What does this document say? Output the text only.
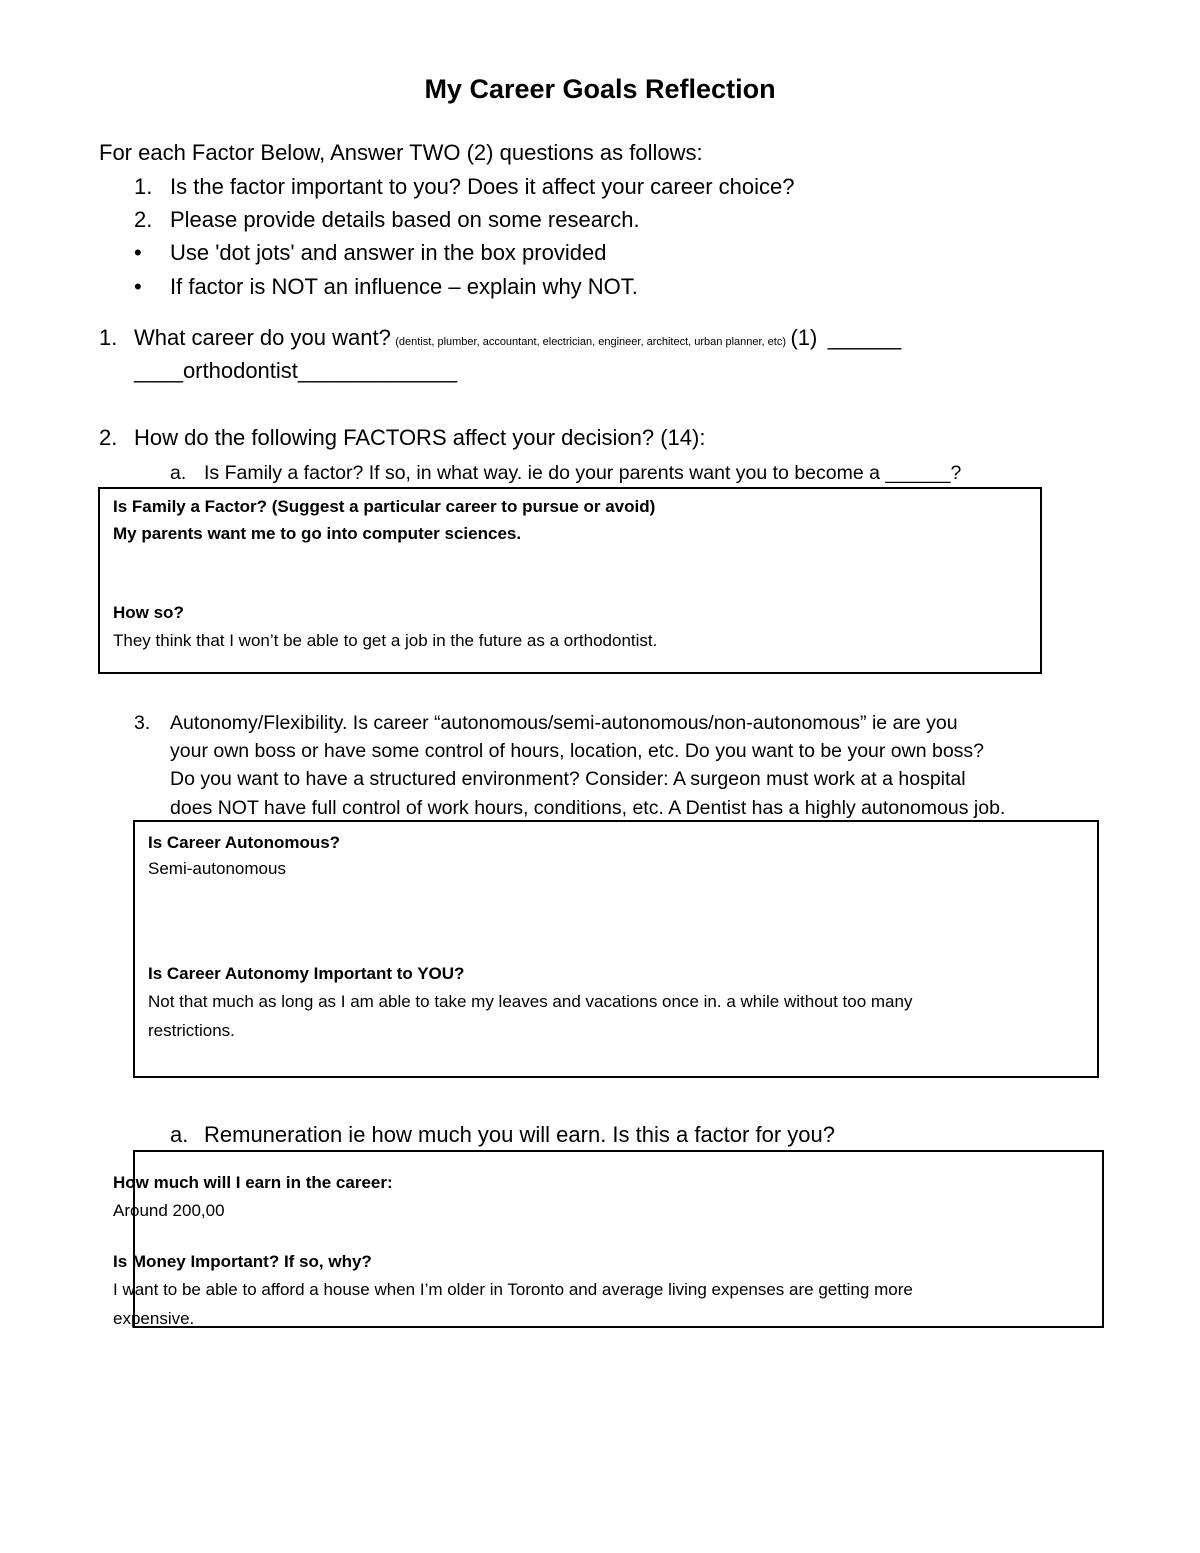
My Career Goals Reflection
For each Factor Below, Answer TWO (2) questions as follows:
1. Is the factor important to you? Does it affect your career choice?
2. Please provide details based on some research.
• Use 'dot jots' and answer in the box provided
• If factor is NOT an influence – explain why NOT.
1. What career do you want? (dentist, plumber, accountant, electrician, engineer, architect, urban planner, etc) (1) ______
____orthodontist_____________
2. How do the following FACTORS affect your decision? (14):
a. Is Family a factor? If so, in what way. ie do your parents want you to become a ______?
Is Family a Factor? (Suggest a particular career to pursue or avoid)
My parents want me to go into computer sciences.
How so?
They think that I won’t be able to get a job in the future as a orthodontist.
3. Autonomy/Flexibility. Is career “autonomous/semi-autonomous/non-autonomous” ie are you
your own boss or have some control of hours, location, etc. Do you want to be your own boss?
Do you want to have a structured environment? Consider: A surgeon must work at a hospital
does NOT have full control of work hours, conditions, etc. A Dentist has a highly autonomous job.
Is Career Autonomous?
Semi-autonomous
Is Career Autonomy Important to YOU?
Not that much as long as I am able to take my leaves and vacations once in. a while without too many
restrictions.
a. Remuneration ie how much you will earn. Is this a factor for you?
How much will I earn in the career:
Around 200,00
Is Money Important? If so, why?
I want to be able to afford a house when I’m older in Toronto and average living expenses are getting more
expensive.
